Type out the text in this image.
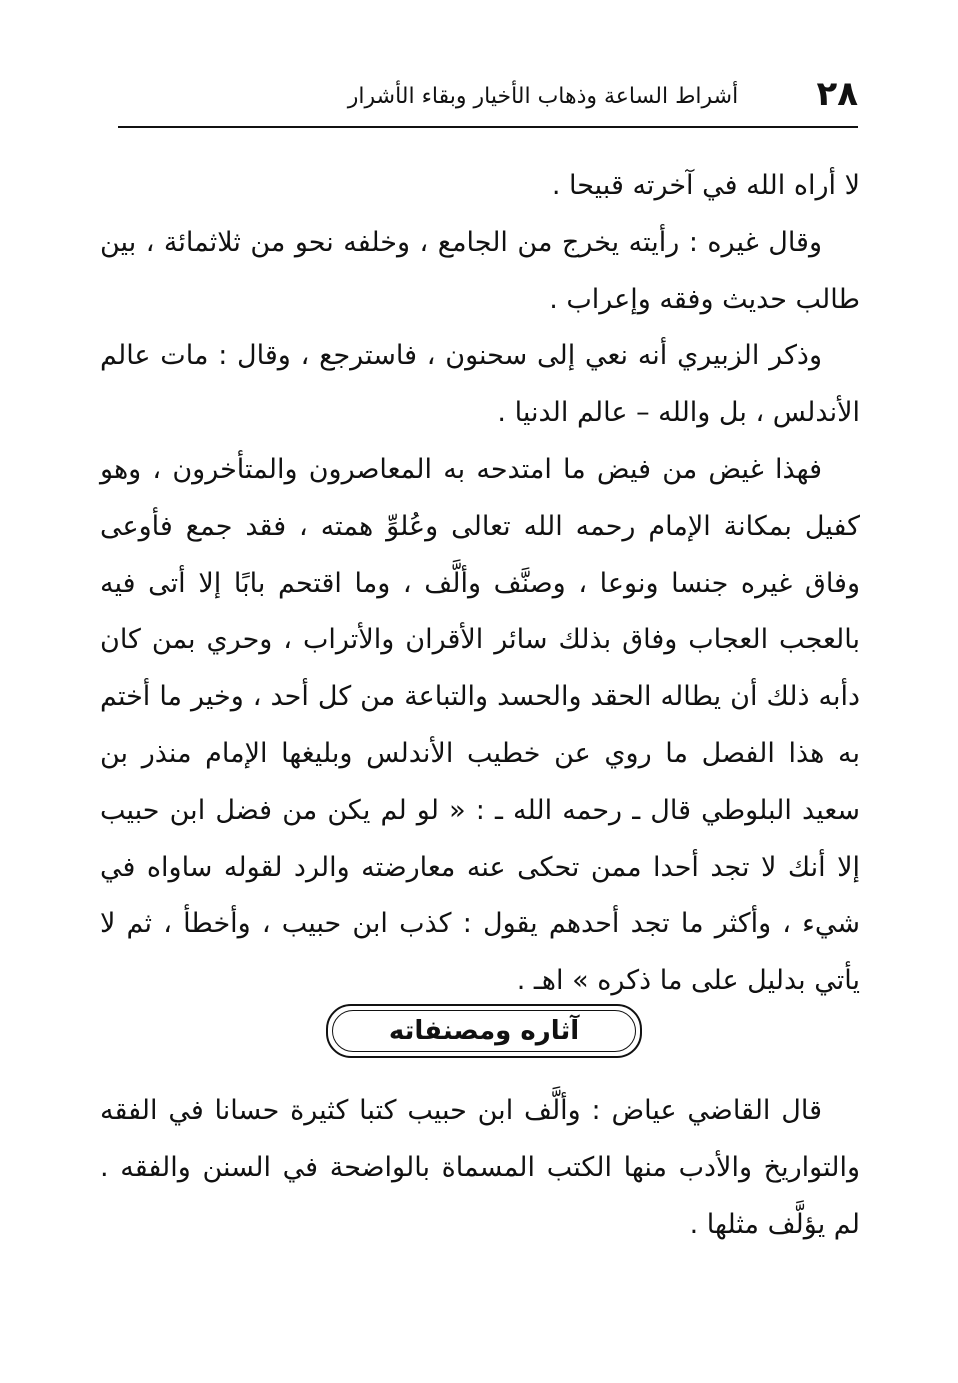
٢٨
أشراط الساعة وذهاب الأخيار وبقاء الأشرار

لا أراه الله في آخرته قبيحا .

وقال غيره : رأيته يخرج من الجامع ، وخلفه نحو من ثلاثمائة ، بين طالب حديث وفقه وإعراب .

وذكر الزبيري أنه نعي إلى سحنون ، فاسترجع ، وقال : مات عالم الأندلس ، بل والله – عالم الدنيا .

فهذا غيض من فيض ما امتدحه به المعاصرون والمتأخرون ، وهو كفيل بمكانة الإمام رحمه الله تعالى وعُلوِّ همته ، فقد جمع فأوعى وفاق غيره جنسا ونوعا ، وصنَّف وألَّف ، وما اقتحم بابًا إلا أتى فيه بالعجب العجاب وفاق بذلك سائر الأقران والأتراب ، وحري بمن كان دأبه ذلك أن يطاله الحقد والحسد والتباعة من كل أحد ، وخير ما أختم به هذا الفصل ما روي عن خطيب الأندلس وبليغها الإمام منذر بن سعيد البلوطي قال ـ رحمه الله ـ : « لو لم يكن من فضل ابن حبيب إلا أنك لا تجد أحدا ممن تحكى عنه معارضته والرد لقوله ساواه في شيء ، وأكثر ما تجد أحدهم يقول : كذب ابن حبيب ، وأخطأ ، ثم لا يأتي بدليل على ما ذكره » اهـ .

آثاره ومصنفاته

قال القاضي عياض : وألَّف ابن حبيب كتبا كثيرة حسانا في الفقه والتواريخ والأدب منها الكتب المسماة بالواضحة في السنن والفقه . لم يؤلَّف مثلها .
